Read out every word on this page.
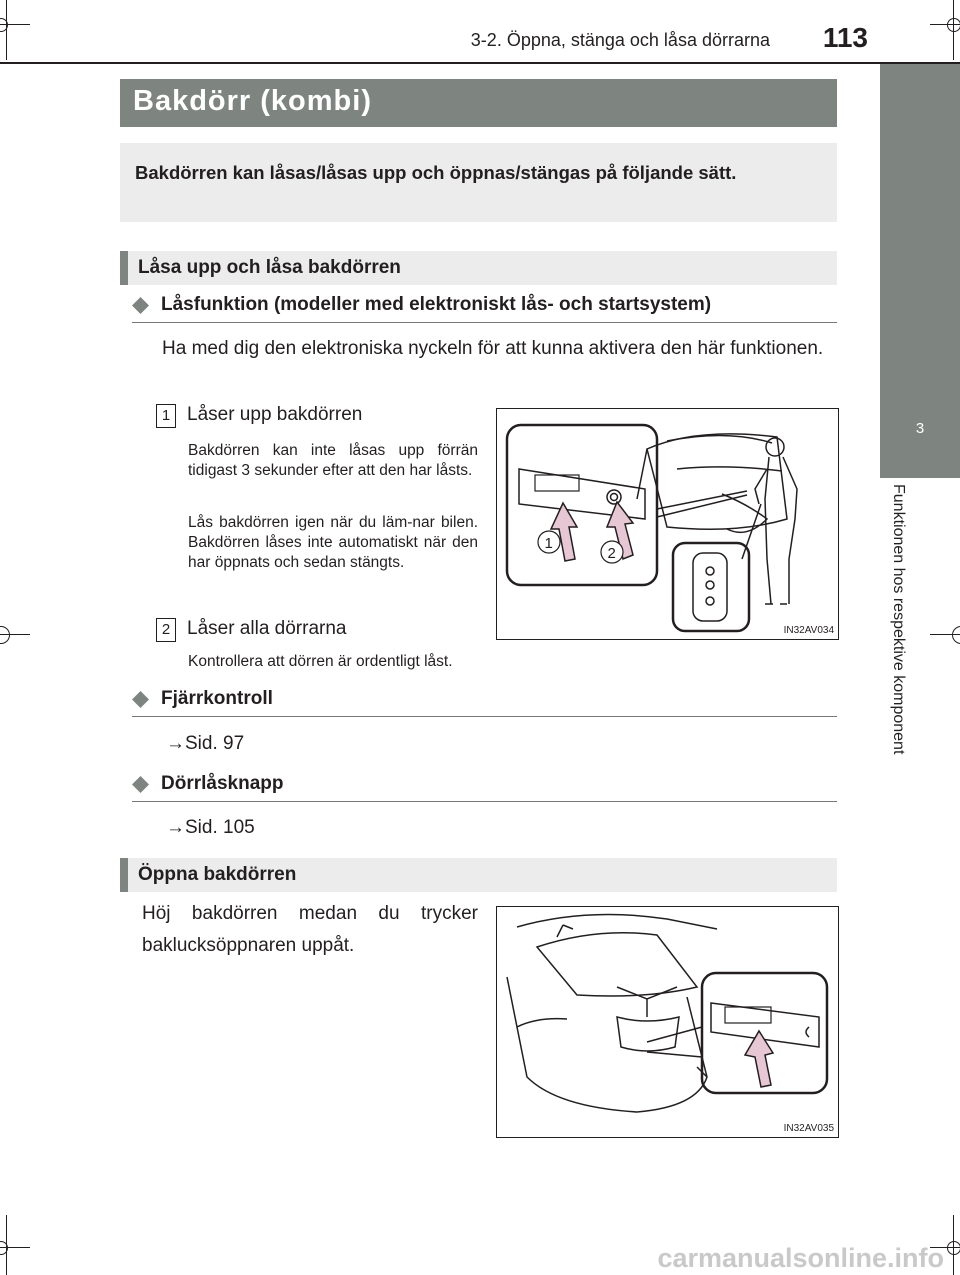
3-2. Öppna, stänga och låsa dörrarna 113
3
Funktionen hos respektive komponent
Bakdörr (kombi)

Bakdörren kan låsas/låsas upp och öppnas/stängas på följande sätt.

Låsa upp och låsa bakdörren
Låsfunktion (modeller med elektroniskt lås- och startsystem)
Ha med dig den elektroniska nyckeln för att kunna aktivera den här funktionen.
1 Låser upp bakdörren
Bakdörren kan inte låsas upp förrän tidigast 3 sekunder efter att den har låsts.
Lås bakdörren igen när du läm-nar bilen. Bakdörren låses inte automatiskt när den har öppnats och sedan stängts.
2 Låser alla dörrarna
Kontrollera att dörren är ordentligt låst.
1
2
IN32AV034
Fjärrkontroll
→Sid. 97
Dörrlåsknapp
→Sid. 105
Öppna bakdörren
Höj bakdörren medan du trycker baklucksöppnaren uppåt.
IN32AV035
carmanualsonline.info
